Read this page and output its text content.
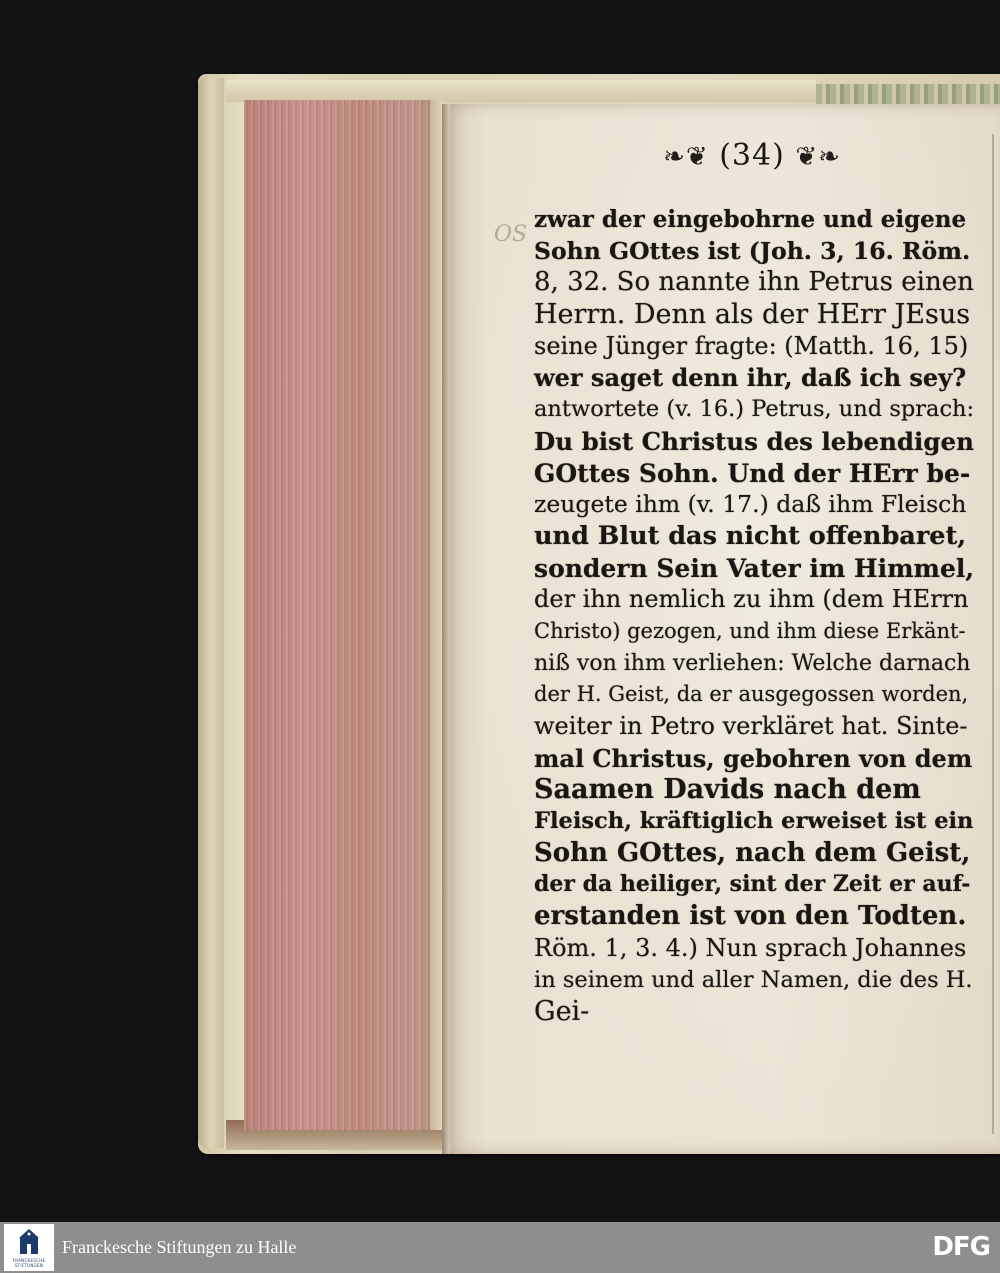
❧❦ (34) ❦❧
OS
zwar der eingebohrne und eigene
Sohn GOttes ist (Joh. 3, 16. Röm.
8, 32. So nannte ihn Petrus einen
Herrn. Denn als der HErr JEsus
seine Jünger fragte: (Matth. 16, 15)
wer saget denn ihr, daß ich sey?
antwortete (v. 16.) Petrus, und sprach:
Du bist Christus des lebendigen
GOttes Sohn. Und der HErr be-
zeugete ihm (v. 17.) daß ihm Fleisch
und Blut das nicht offenbaret,
sondern Sein Vater im Himmel,
der ihn nemlich zu ihm (dem HErrn
Christo) gezogen, und ihm diese Erkänt-
niß von ihm verliehen: Welche darnach
der H. Geist, da er ausgegossen worden,
weiter in Petro verkläret hat. Sinte-
mal Christus, gebohren von dem
Saamen Davids nach dem
Fleisch, kräftiglich erweiset ist ein
Sohn GOttes, nach dem Geist,
der da heiliger, sint der Zeit er auf-
erstanden ist von den Todten.
Röm. 1, 3. 4.) Nun sprach Johannes
in seinem und aller Namen, die des H.
Gei-
FRANCKESCHE STIFTUNGEN
Franckesche Stiftungen zu Halle	DFG
